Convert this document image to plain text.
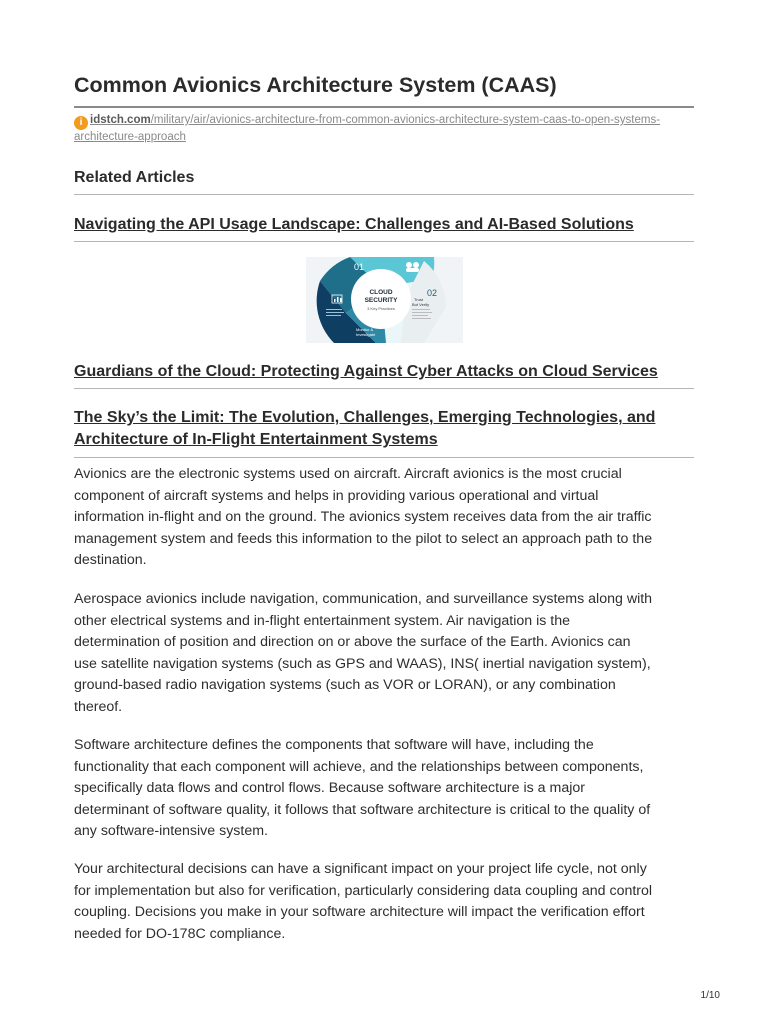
Common Avionics Architecture System (CAAS)
i idstch.com/military/air/avionics-architecture-from-common-avionics-architecture-system-caas-to-open-systems-
architecture-approach
Related Articles
Navigating the API Usage Landscape: Challenges and AI-Based Solutions
01
02
CLOUD
SECURITY
3 Key Practices
Trust
But Verify
Monitor &
Investigate
Guardians of the Cloud: Protecting Against Cyber Attacks on Cloud Services
The Sky’s the Limit: The Evolution, Challenges, Emerging Technologies, and
Architecture of In-Flight Entertainment Systems

Avionics are the electronic systems used on aircraft. Aircraft avionics is the most crucial
component of aircraft systems and helps in providing various operational and virtual
information in-flight and on the ground. The avionics system receives data from the air traffic
management system and feeds this information to the pilot to select an approach path to the
destination.

Aerospace avionics include navigation, communication, and surveillance systems along with
other electrical systems and in-flight entertainment system. Air navigation is the
determination of position and direction on or above the surface of the Earth. Avionics can
use satellite navigation systems (such as GPS and WAAS), INS( inertial navigation system),
ground-based radio navigation systems (such as VOR or LORAN), or any combination
thereof.

Software architecture defines the components that software will have, including the
functionality that each component will achieve, and the relationships between components,
specifically data flows and control flows. Because software architecture is a major
determinant of software quality, it follows that software architecture is critical to the quality of
any software-intensive system.

Your architectural decisions can have a significant impact on your project life cycle, not only
for implementation but also for verification, particularly considering data coupling and control
coupling. Decisions you make in your software architecture will impact the verification effort
needed for DO-178C compliance.

1/10
